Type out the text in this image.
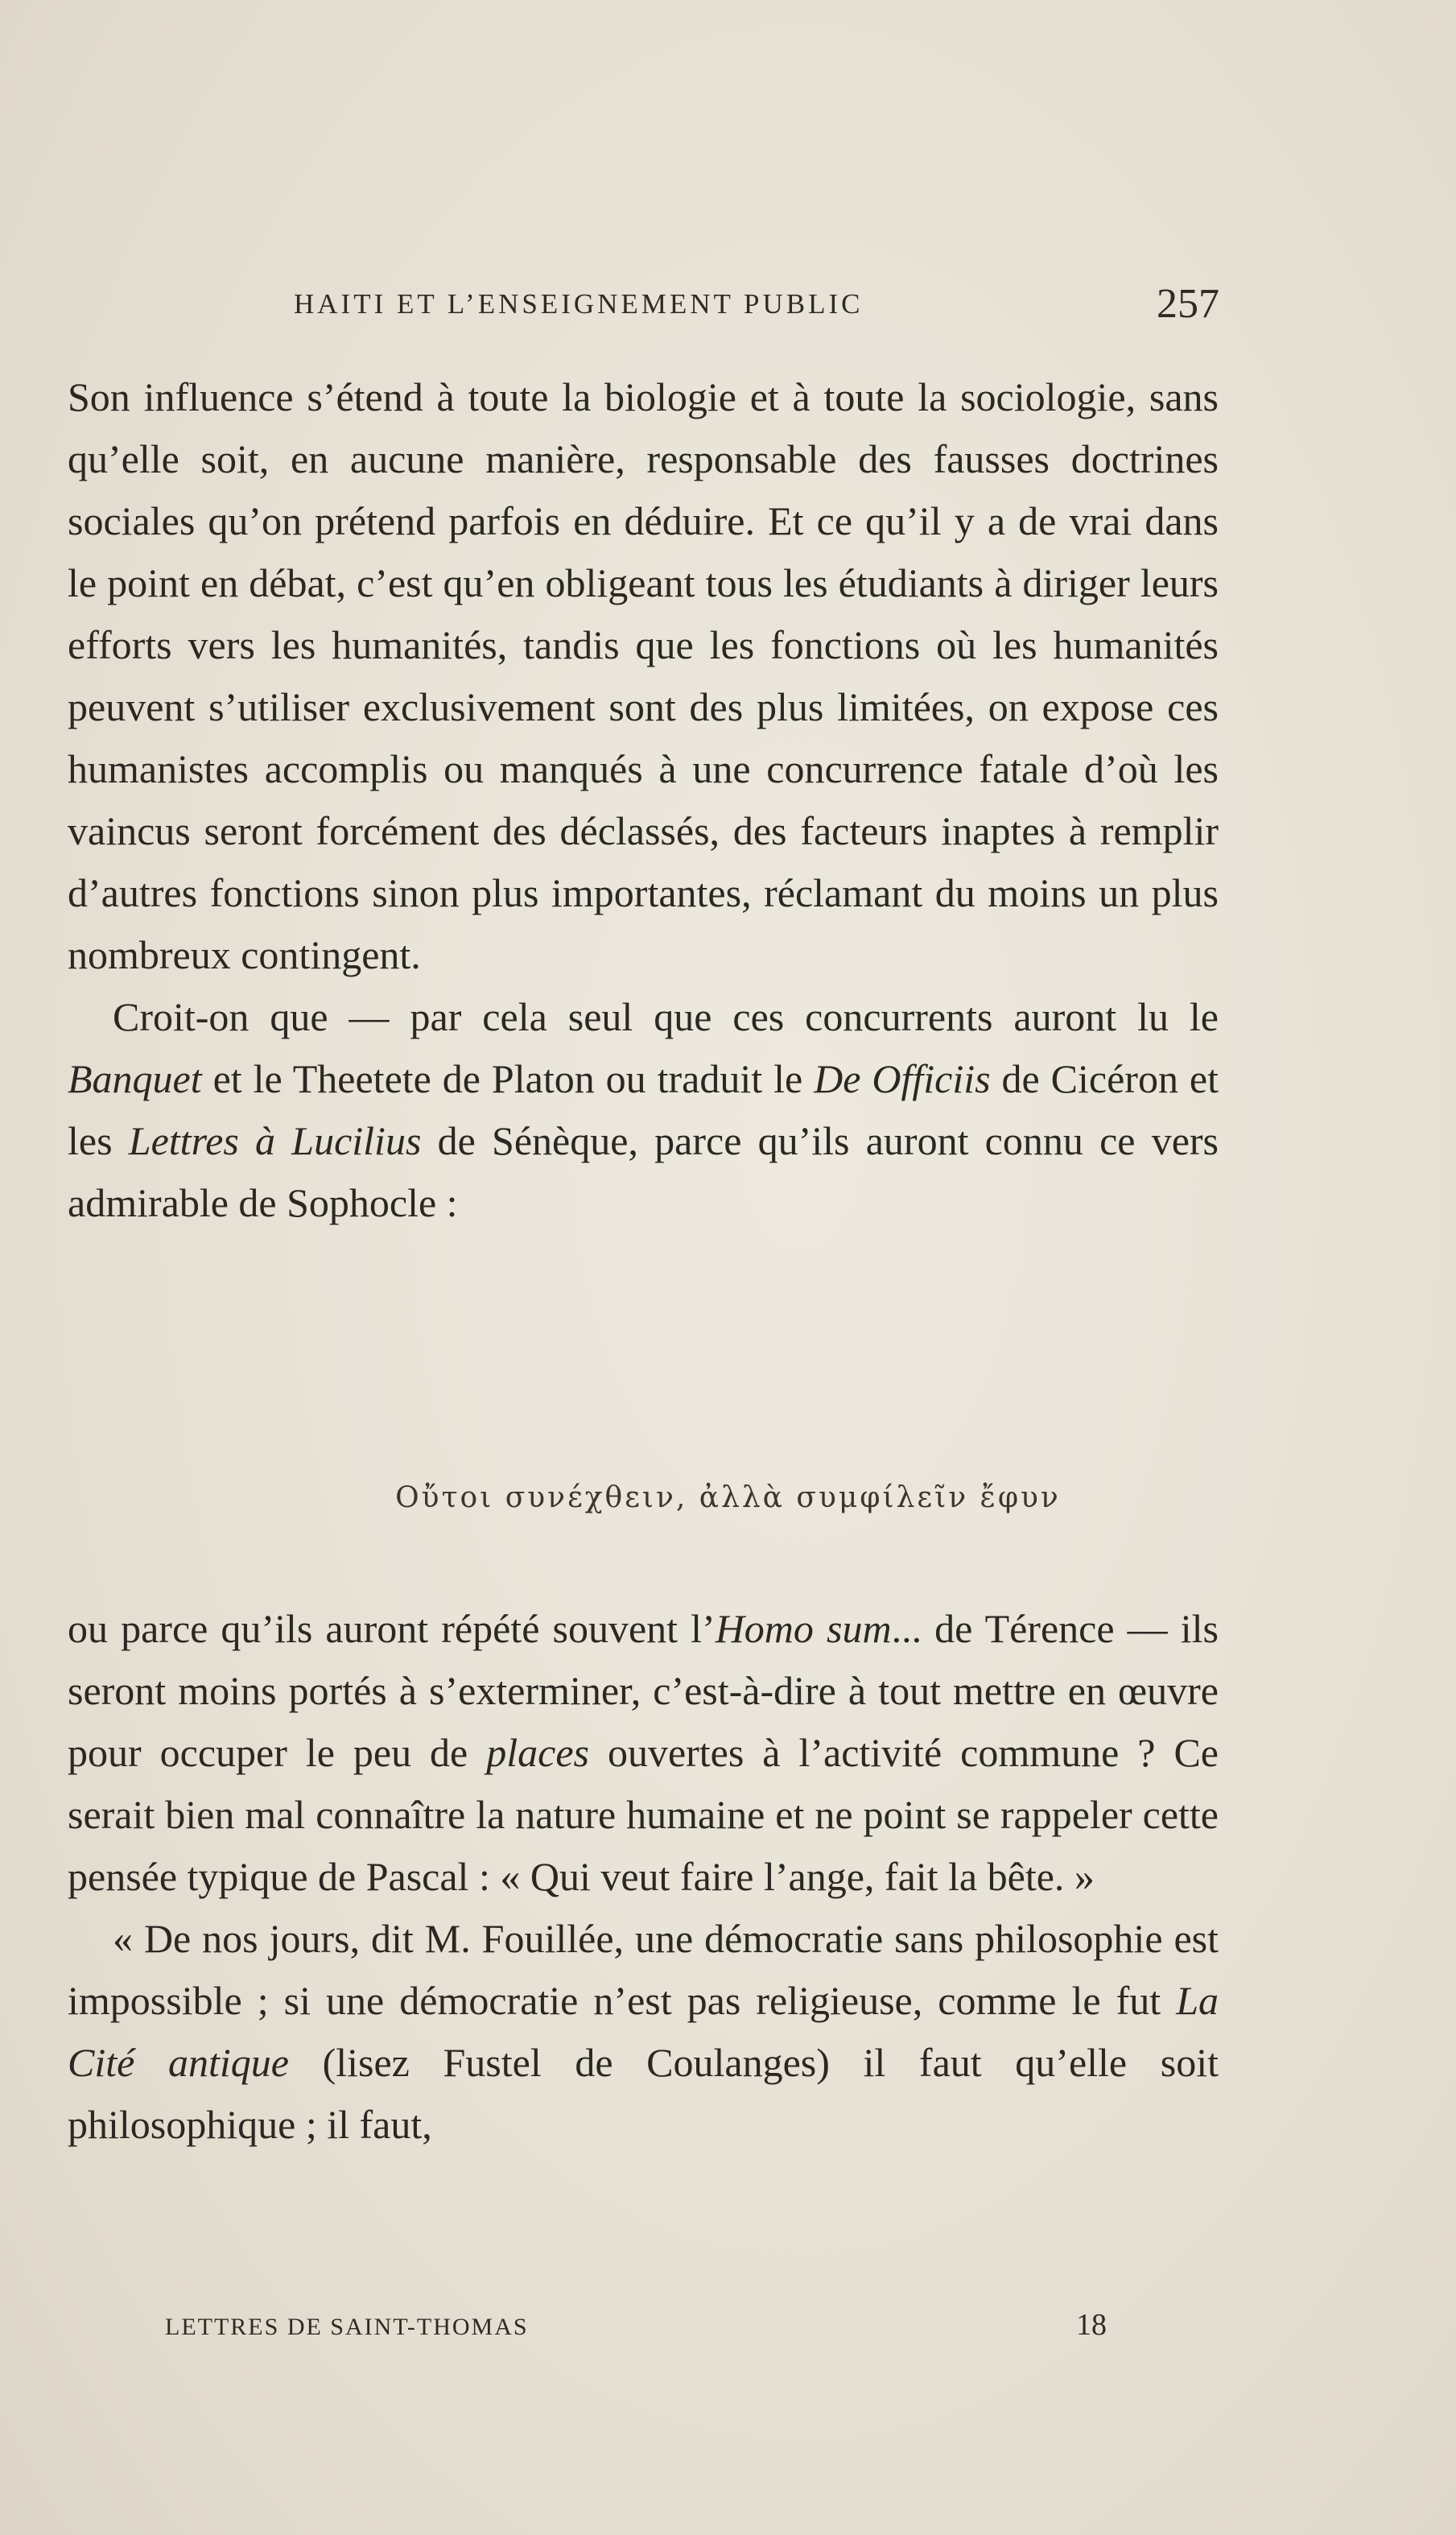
HAITI ET L’ENSEIGNEMENT PUBLIC	257

Son influence s’étend à toute la biologie et à toute la sociologie, sans qu’elle soit, en aucune manière, responsable des fausses doctrines sociales qu’on prétend parfois en déduire. Et ce qu’il y a de vrai dans le point en débat, c’est qu’en obligeant tous les étudiants à diriger leurs efforts vers les humanités, tandis que les fonctions où les humanités peuvent s’utiliser exclusivement sont des plus limitées, on expose ces humanistes accomplis ou manqués à une concurrence fatale d’où les vaincus seront forcément des déclassés, des facteurs inaptes à remplir d’autres fonctions sinon plus importantes, réclamant du moins un plus nombreux contingent.

Croit-on que — par cela seul que ces concurrents auront lu le Banquet et le Theetete de Platon ou traduit le De Officiis de Cicéron et les Lettres à Lucilius de Sénèque, parce qu’ils auront connu ce vers admirable de Sophocle :

Οὔτοι συνέχθειν, ἀλλὰ συμφίλεῖν ἔφυν

ou parce qu’ils auront répété souvent l’Homo sum... de Térence — ils seront moins portés à s’exterminer, c’est-à-dire à tout mettre en œuvre pour occuper le peu de places ouvertes à l’activité commune ? Ce serait bien mal connaître la nature humaine et ne point se rappeler cette pensée typique de Pascal : « Qui veut faire l’ange, fait la bête. »

« De nos jours, dit M. Fouillée, une démocratie sans philosophie est impossible ; si une démocratie n’est pas religieuse, comme le fut La Cité antique (lisez Fustel de Coulanges) il faut qu’elle soit philosophique ; il faut,

LETTRES DE SAINT-THOMAS	18
